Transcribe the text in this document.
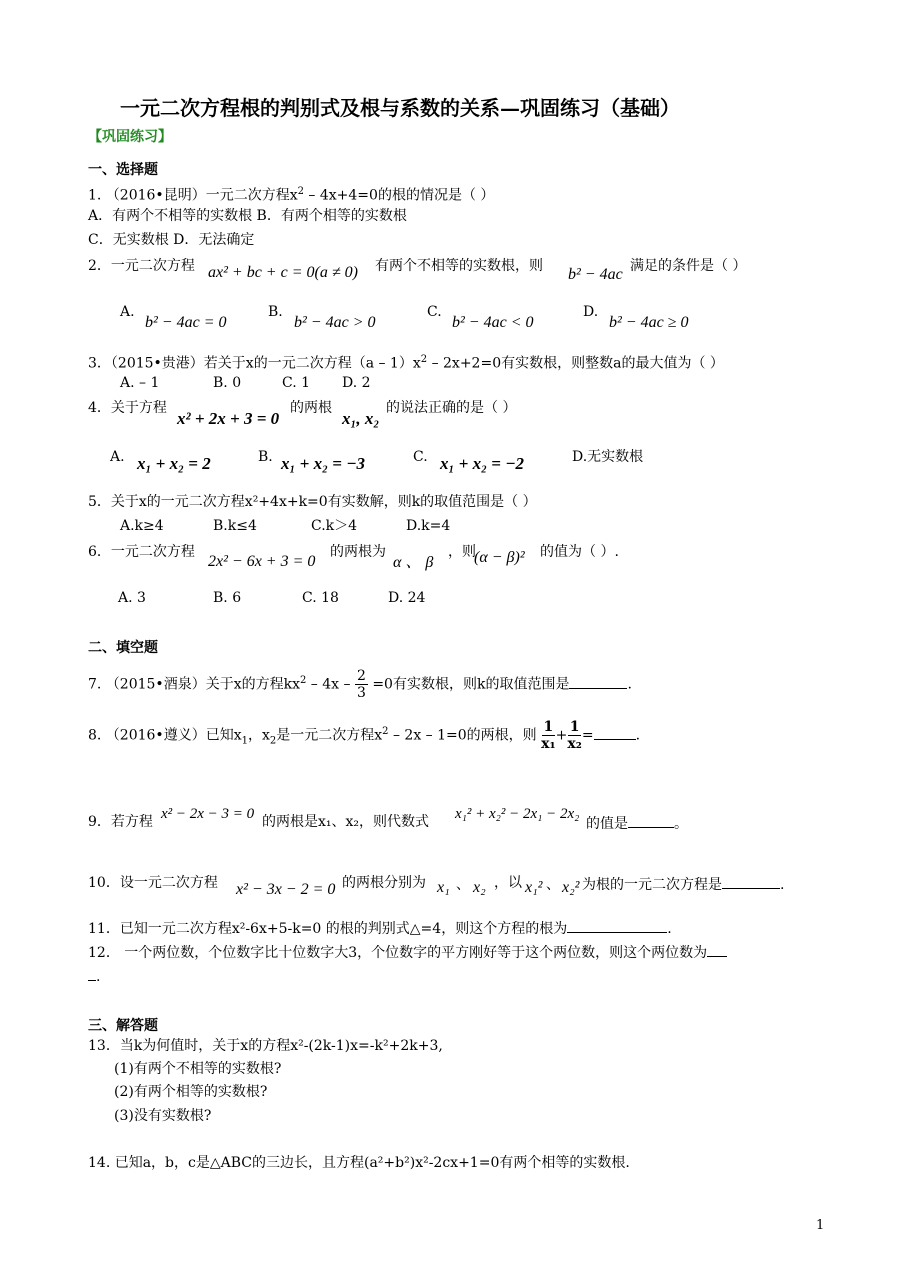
一元二次方程根的判别式及根与系数的关系—巩固练习（基础）
【巩固练习】
一、选择题
1. （2016•昆明）一元二次方程$x^2 - 4x+4=0$的根的情况是（ ）
A．有两个不相等的实数根 B．有两个相等的实数根
C．无实数根 D．无法确定
2．一元二次方程 ax² + bc + c = 0(a ≠ 0) 有两个不相等的实数根，则 b² − 4ac 满足的条件是（ ）
A.
b² − 4ac = 0
B.
b² − 4ac > 0
C.
b² − 4ac < 0
D.
b² − 4ac ≥ 0
3．（2015•贵港）若关于x的一元二次方程$(a - 1)x^2 - 2x+2=0$有实数根，则整数a的最大值为（ ）
A. – 1	B. 0	C. 1 D. 2
4．关于方程
x² + 2x + 3 = 0
的两根
x₁, x₂
的说法正确的是（ ）
A. x₁ + x₂ = 2	B. x₁ + x₂ = −3	C. x₁ + x₂ = −2	D.无实数根
5．关于x的一元二次方程x²+4x+k=0有实数解，则k的取值范围是（ ）
A.k≥4	B.k≤4	C.k＞4	D.k=4
6．一元二次方程
2x² − 6x + 3 = 0
的两根为
α 、 β
，则
(α − β)² 的值为（ ）.
A. 3	B. 6	C. 18	D. 24
二、填空题
7. （2015•酒泉）关于x的方程$kx^2 - 4x - \frac{2}{3} =0$有实数根，则k的取值范围是	.
8. （2016•遵义）已知$x_1$，$x_2$是一元二次方程$x^2 - 2x - 1=0$的两根，则 $\frac{1}{\text{x₁}} + \frac{1}{\text{x₂}}$ =	.
9．若方程 x² − 2x − 3 = 0 的两根是x₁、x₂，则代数式 x₁² + x₂² − 2x₁ − 2x₂
的值是	。
10．设一元二次方程 x² − 3x − 2 = 0 的两根分别为 x₁ 、 x₂ ，以 x₁² 、 x₂² 为根的一元二次方程是	.
11．已知一元二次方程x²-6x+5-k=0 的根的判别式△=4，则这个方程的根为	.
12． 一个两位数，个位数字比十位数字大3，个位数字的平方刚好等于这个两位数，则这个两位数为
.
三、解答题
13．当k为何值时，关于x的方程x²-(2k-1)x=-k²+2k+3,
(1)有两个不相等的实数根?
(2)有两个相等的实数根?
(3)没有实数根?
14. 已知a，b，c是△ABC的三边长，且方程(a²+b²)x²-2cx+1=0有两个相等的实数根.
1
